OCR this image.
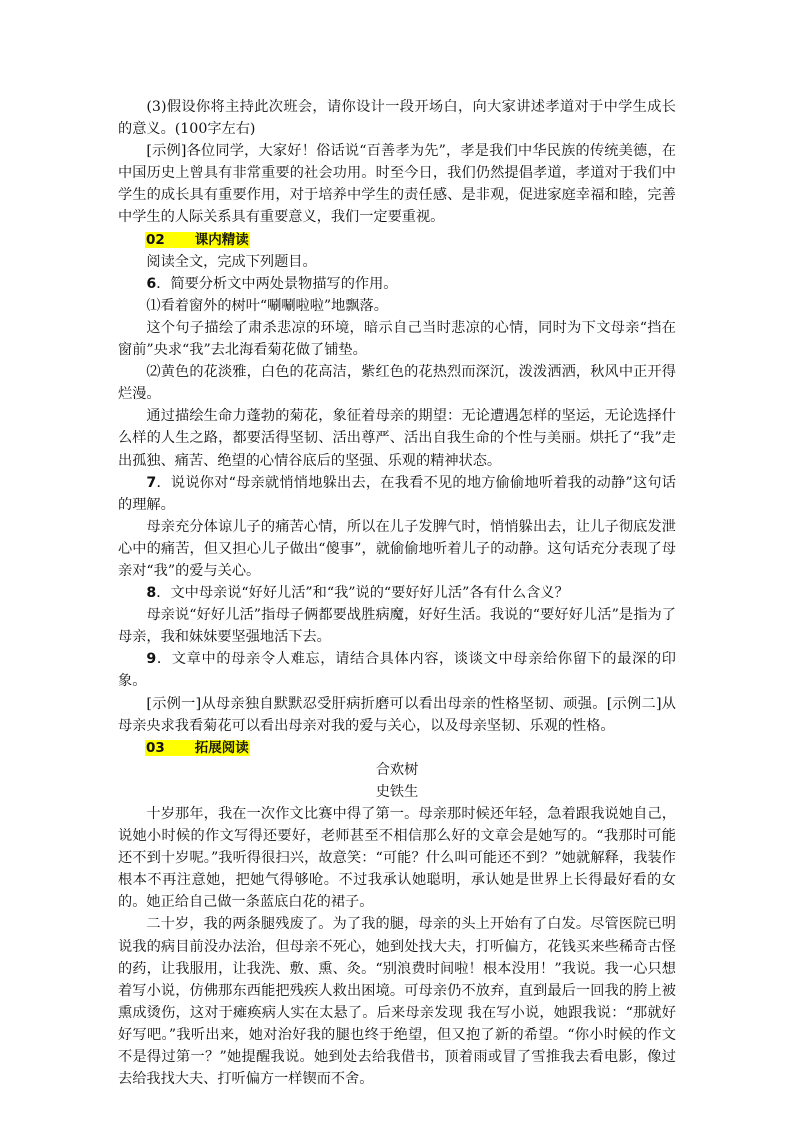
(3)假设你将主持此次班会，请你设计一段开场白，向大家讲述孝道对于中学生成长的意义。(100字左右)

[示例]各位同学，大家好！俗话说“百善孝为先”，孝是我们中华民族的传统美德，在中国历史上曾具有非常重要的社会功用。时至今日，我们仍然提倡孝道，孝道对于我们中学生的成长具有重要作用，对于培养中学生的责任感、是非观，促进家庭幸福和睦，完善中学生的人际关系具有重要意义，我们一定要重视。

02 课内精读

阅读全文，完成下列题目。

6．简要分析文中两处景物描写的作用。

⑴看着窗外的树叶“唰唰啦啦”地飘落。

这个句子描绘了肃杀悲凉的环境，暗示自己当时悲凉的心情，同时为下文母亲“挡在窗前”央求“我”去北海看菊花做了铺垫。

⑵黄色的花淡雅，白色的花高洁，紫红色的花热烈而深沉，泼泼洒洒，秋风中正开得烂漫。

通过描绘生命力蓬勃的菊花，象征着母亲的期望：无论遭遇怎样的坚运，无论选择什么样的人生之路，都要活得坚韧、活出尊严、活出自我生命的个性与美丽。烘托了“我”走出孤独、痛苦、绝望的心情谷底后的坚强、乐观的精神状态。

7．说说你对“母亲就悄悄地躲出去，在我看不见的地方偷偷地听着我的动静”这句话的理解。

母亲充分体谅儿子的痛苦心情，所以在儿子发脾气时，悄悄躲出去，让儿子彻底发泄心中的痛苦，但又担心儿子做出“傻事”，就偷偷地听着儿子的动静。这句话充分表现了母亲对“我”的爱与关心。

8．文中母亲说“好好儿活”和“我”说的“要好好儿活”各有什么含义？

母亲说“好好儿活”指母子俩都要战胜病魔，好好生活。我说的“要好好儿活”是指为了母亲，我和妹妹要坚强地活下去。

9．文章中的母亲令人难忘，请结合具体内容，谈谈文中母亲给你留下的最深的印象。

[示例一]从母亲独自默默忍受肝病折磨可以看出母亲的性格坚韧、顽强。[示例二]从母亲央求我看菊花可以看出母亲对我的爱与关心，以及母亲坚韧、乐观的性格。

03 拓展阅读

合欢树

史铁生

十岁那年，我在一次作文比赛中得了第一。母亲那时候还年轻，急着跟我说她自己，说她小时候的作文写得还要好，老师甚至不相信那么好的文章会是她写的。“我那时可能还不到十岁呢。”我听得很扫兴，故意笑：“可能？什么叫可能还不到？”她就解释，我装作根本不再注意她，把她气得够呛。不过我承认她聪明，承认她是世界上长得最好看的女的。她正给自己做一条蓝底白花的裙子。

二十岁，我的两条腿残废了。为了我的腿，母亲的头上开始有了白发。尽管医院已明说我的病目前没办法治，但母亲不死心，她到处找大夫，打听偏方，花钱买来些稀奇古怪的药，让我服用，让我洗、敷、熏、灸。“别浪费时间啦！根本没用！”我说。我一心只想着写小说，仿佛那东西能把残疾人救出困境。可母亲仍不放弃，直到最后一回我的胯上被熏成烫伤，这对于瘫痪病人实在太悬了。后来母亲发现 我在写小说，她跟我说：“那就好好写吧。”我听出来，她对治好我的腿也终于绝望，但又抱了新的希望。“你小时候的作文不是得过第一？”她提醒我说。她到处去给我借书，顶着雨或冒了雪推我去看电影，像过去给我找大夫、打听偏方一样锲而不舍。
